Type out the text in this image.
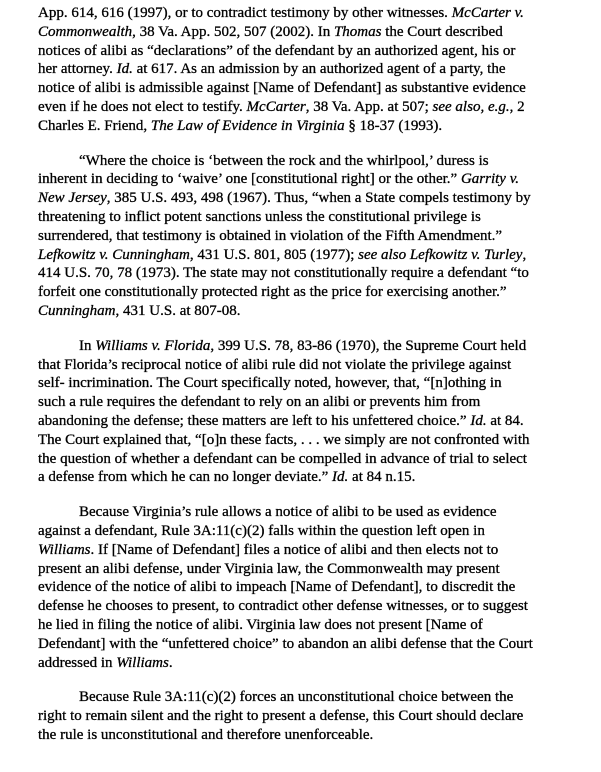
App. 614, 616 (1997), or to contradict testimony by other witnesses. McCarter v.
Commonwealth, 38 Va. App. 502, 507 (2002). In Thomas the Court described
notices of alibi as “declarations” of the defendant by an authorized agent, his or
her attorney. Id. at 617. As an admission by an authorized agent of a party, the
notice of alibi is admissible against [Name of Defendant] as substantive evidence
even if he does not elect to testify. McCarter, 38 Va. App. at 507; see also, e.g., 2
Charles E. Friend, The Law of Evidence in Virginia § 18-37 (1993).
“Where the choice is ‘between the rock and the whirlpool,’ duress is
inherent in deciding to ‘waive’ one [constitutional right] or the other.” Garrity v.
New Jersey, 385 U.S. 493, 498 (1967). Thus, “when a State compels testimony by
threatening to inflict potent sanctions unless the constitutional privilege is
surrendered, that testimony is obtained in violation of the Fifth Amendment.”
Lefkowitz v. Cunningham, 431 U.S. 801, 805 (1977); see also Lefkowitz v. Turley,
414 U.S. 70, 78 (1973). The state may not constitutionally require a defendant “to
forfeit one constitutionally protected right as the price for exercising another.”
Cunningham, 431 U.S. at 807-08.
In Williams v. Florida, 399 U.S. 78, 83-86 (1970), the Supreme Court held
that Florida’s reciprocal notice of alibi rule did not violate the privilege against
self- incrimination. The Court specifically noted, however, that, “[n]othing in
such a rule requires the defendant to rely on an alibi or prevents him from
abandoning the defense; these matters are left to his unfettered choice.” Id. at 84.
The Court explained that, “[o]n these facts, . . . we simply are not confronted with
the question of whether a defendant can be compelled in advance of trial to select
a defense from which he can no longer deviate.” Id. at 84 n.15.
Because Virginia’s rule allows a notice of alibi to be used as evidence
against a defendant, Rule 3A:11(c)(2) falls within the question left open in
Williams. If [Name of Defendant] files a notice of alibi and then elects not to
present an alibi defense, under Virginia law, the Commonwealth may present
evidence of the notice of alibi to impeach [Name of Defendant], to discredit the
defense he chooses to present, to contradict other defense witnesses, or to suggest
he lied in filing the notice of alibi. Virginia law does not present [Name of
Defendant] with the “unfettered choice” to abandon an alibi defense that the Court
addressed in Williams.
Because Rule 3A:11(c)(2) forces an unconstitutional choice between the
right to remain silent and the right to present a defense, this Court should declare
the rule is unconstitutional and therefore unenforceable.
